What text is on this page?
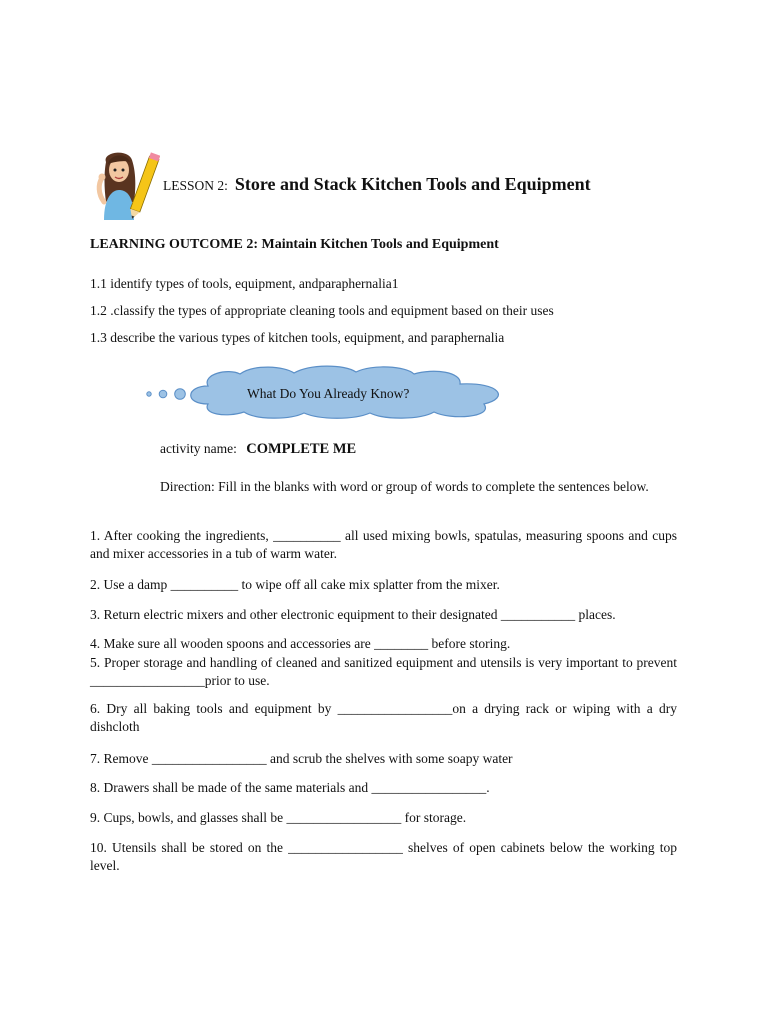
LESSON 2: Store and Stack Kitchen Tools and Equipment
LEARNING OUTCOME 2: Maintain Kitchen Tools and Equipment
1.1 identify types of tools, equipment, andparaphernalia1
1.2 .classify the types of appropriate cleaning tools and equipment based on their uses
1.3 describe the various types of kitchen tools, equipment, and paraphernalia
What Do You Already Know?
activity name: COMPLETE ME
Direction: Fill in the blanks with word or group of words to complete the sentences below.
1. After cooking the ingredients, __________ all used mixing bowls, spatulas, measuring spoons and cups and mixer accessories in a tub of warm water.
2. Use a damp __________ to wipe off all cake mix splatter from the mixer.
3. Return electric mixers and other electronic equipment to their designated ___________ places.
4. Make sure all wooden spoons and accessories are ________ before storing.
5. Proper storage and handling of cleaned and sanitized equipment and utensils is very important to prevent _________________prior to use.
6. Dry all baking tools and equipment by _________________on a drying rack or wiping with a dry dishcloth
7. Remove _________________ and scrub the shelves with some soapy water
8. Drawers shall be made of the same materials and _________________.
9. Cups, bowls, and glasses shall be _________________ for storage.
10. Utensils shall be stored on the _________________ shelves of open cabinets below the working top level.
